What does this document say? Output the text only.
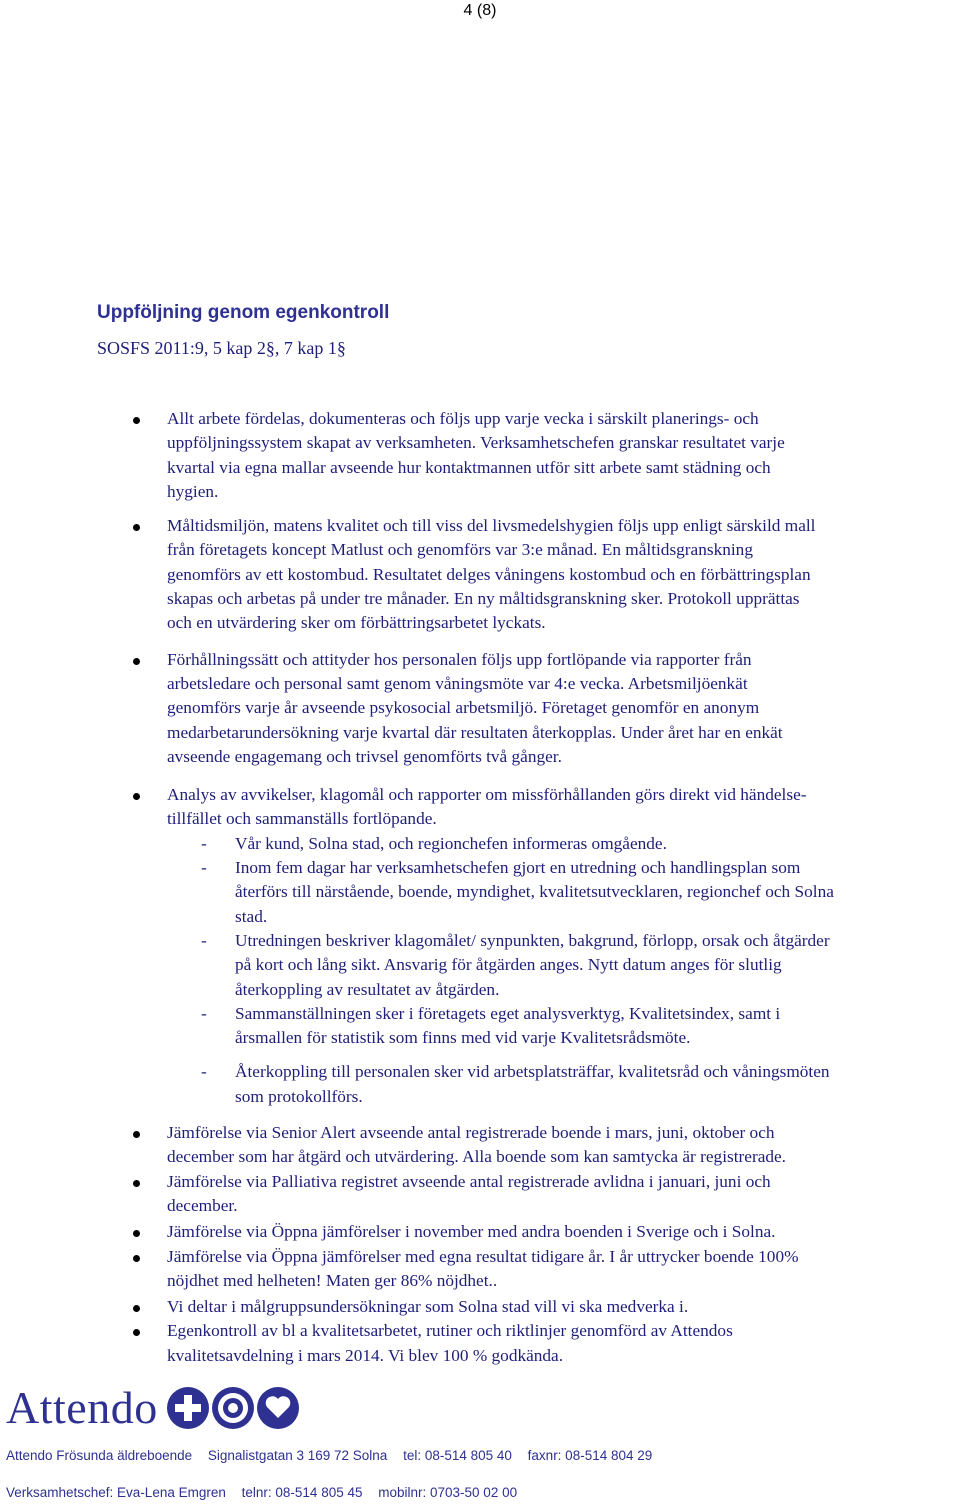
4 (8)
Uppföljning genom egenkontroll
SOSFS 2011:9, 5 kap 2§, 7 kap 1§
Allt arbete fördelas, dokumenteras och följs upp varje vecka i särskilt planerings- och
uppföljningssystem skapat av verksamheten. Verksamhetschefen granskar resultatet varje
kvartal via egna mallar avseende hur kontaktmannen utför sitt arbete samt städning och
hygien.
Måltidsmiljön, matens kvalitet och till viss del livsmedelshygien följs upp enligt särskild mall
från företagets koncept Matlust och genomförs var 3:e månad. En måltidsgranskning
genomförs av ett kostombud. Resultatet delges våningens kostombud och en förbättringsplan
skapas och arbetas på under tre månader. En ny måltidsgranskning sker. Protokoll upprättas
och en utvärdering sker om förbättringsarbetet lyckats.
Förhållningssätt och attityder hos personalen följs upp fortlöpande via rapporter från
arbetsledare och personal samt genom våningsmöte var 4:e vecka. Arbetsmiljöenkät
genomförs varje år avseende psykosocial arbetsmiljö. Företaget genomför en anonym
medarbetarundersökning varje kvartal där resultaten återkopplas. Under året har en enkät
avseende engagemang och trivsel genomförts två gånger.
Analys av avvikelser, klagomål och rapporter om missförhållanden görs direkt vid händelse-
tillfället och sammanställs fortlöpande.
- Vår kund, Solna stad, och regionchefen informeras omgående.
- Inom fem dagar har verksamhetschefen gjort en utredning och handlingsplan som
återförs till närstående, boende, myndighet, kvalitetsutvecklaren, regionchef och Solna
stad.
- Utredningen beskriver klagomålet/ synpunkten, bakgrund, förlopp, orsak och åtgärder
på kort och lång sikt. Ansvarig för åtgärden anges. Nytt datum anges för slutlig
återkoppling av resultatet av åtgärden.
- Sammanställningen sker i företagets eget analysverktyg, Kvalitetsindex, samt i
årsmallen för statistik som finns med vid varje Kvalitetsrådsmöte.
- Återkoppling till personalen sker vid arbetsplatsträffar, kvalitetsråd och våningsmöten
som protokollförs.
Jämförelse via Senior Alert avseende antal registrerade boende i mars, juni, oktober och
december som har åtgärd och utvärdering. Alla boende som kan samtycka är registrerade.
Jämförelse via Palliativa registret avseende antal registrerade avlidna i januari, juni och
december.
Jämförelse via Öppna jämförelser i november med andra boenden i Sverige och i Solna.
Jämförelse via Öppna jämförelser med egna resultat tidigare år. I år uttrycker boende 100%
nöjdhet med helheten! Maten ger 86% nöjdhet..
Vi deltar i målgruppsundersökningar som Solna stad vill vi ska medverka i.
Egenkontroll av bl a kvalitetsarbetet, rutiner och riktlinjer genomförd av Attendos
kvalitetsavdelning i mars 2014. Vi blev 100 % godkända.
Attendo
Attendo Frösunda äldreboende Signalistgatan 3 169 72 Solna tel: 08-514 805 40 faxnr: 08-514 804 29
Verksamhetschef: Eva-Lena Emgren telnr: 08-514 805 45 mobilnr: 0703-50 02 00
